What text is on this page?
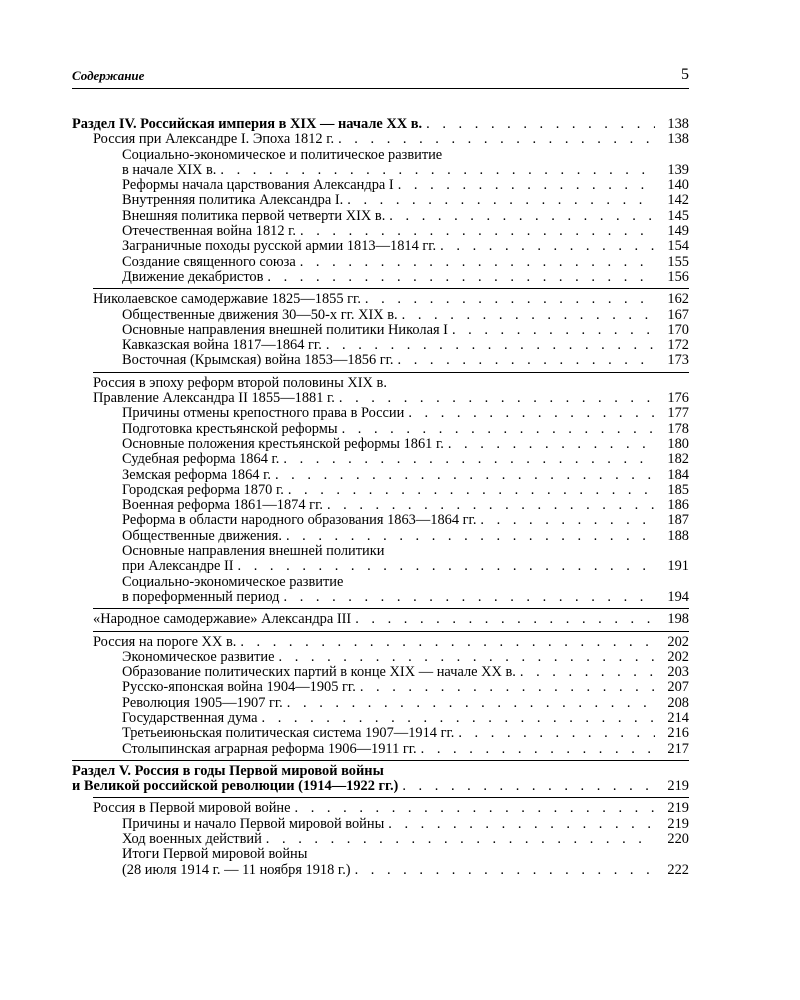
Содержание	5
Раздел IV. Российская империя в XIX — начале XX в. . . .	138
Россия при Александре I. Эпоха 1812 г. . . .	138
Социально-экономическое и политическое развитие
в начале XIX в. . . .	139
Реформы начала царствования Александра I . . .	140
Внутренняя политика Александра I. . . .	142
Внешняя политика первой четверти XIX в. . . .	145
Отечественная война 1812 г. . . .	149
Заграничные походы русской армии 1813—1814 гг. . . .	154
Создание священного союза . . .	155
Движение декабристов . . .	156
Николаевское самодержавие 1825—1855 гг. . . .	162
Общественные движения 30—50-х гг. XIX в. . . .	167
Основные направления внешней политики Николая I . . .	170
Кавказская война 1817—1864 гг. . . .	172
Восточная (Крымская) война 1853—1856 гг. . . .	173
Россия в эпоху реформ второй половины XIX в.
Правление Александра II 1855—1881 г. . . .	176
Причины отмены крепостного права в России . . .	177
Подготовка крестьянской реформы . . .	178
Основные положения крестьянской реформы 1861 г. . . .	180
Судебная реформа 1864 г. . . .	182
Земская реформа 1864 г. . . .	184
Городская реформа 1870 г. . . .	185
Военная реформа 1861—1874 гг. . . .	186
Реформа в области народного образования 1863—1864 гг. . . .	187
Общественные движения. . . .	188
Основные направления внешней политики
при Александре II . . .	191
Социально-экономическое развитие
в пореформенный период . . .	194
«Народное самодержавие» Александра III . . .	198
Россия на пороге XX в. . . .	202
Экономическое развитие . . .	202
Образование политических партий в конце XIX — начале XX в. . . .	203
Русско-японская война 1904—1905 гг. . . .	207
Революция 1905—1907 гг. . . .	208
Государственная дума . . .	214
Третьеиюньская политическая система 1907—1914 гг. . . .	216
Столыпинская аграрная реформа 1906—1911 гг. . . .	217
Раздел V. Россия в годы Первой мировой войны
и Великой российской революции (1914—1922 гг.) . . .	219
Россия в Первой мировой войне . . .	219
Причины и начало Первой мировой войны . . .	219
Ход военных действий . . .	220
Итоги Первой мировой войны
(28 июля 1914 г. — 11 ноября 1918 г.) . . .	222
